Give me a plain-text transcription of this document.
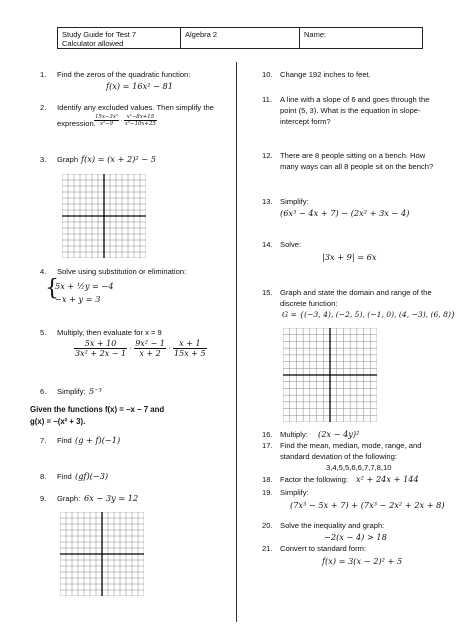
Study Guide for Test 7
Calculator allowed
Algebra 2	Name:
1. Find the zeros of the quadratic function:
f(x) = 16x² − 81
2. Identify any excluded values. Then simplify the
expression.
$\frac{\text{15x−3x²}}{\text{x²−9}} \cdot \frac{\text{x²−8x+15}}{\text{x²−10x+25}}$
3. Graph f(x) = (x + 2)² − 5
4. Solve using substitution or elimination:
{
5x + ½y = −4
−x + y = 3
5. Multiply, then evaluate for x = 9
$\frac{5x + 10}{\text{3x² + 2x − 1}} \cdot \frac{\text{9x² − 1}}{x + 2} \cdot \frac{x + 1}{15x + 5}$
6. Simplify: 5⁻³
Given the functions f(x) = −x − 7 and
g(x) = −(x² + 3).
7. Find (g + f)(−1)
8. Find (gf)(−3)
9. Graph: 6x − 3y = 12
10. Change 192 inches to feet.
11. A line with a slope of 6 and goes through the
point (5, 3). What is the equation in slope-
intercept form?
12. There are 8 people sitting on a bench. How
many ways can all 8 people sit on the bench?
13. Simplify:
(6x³ − 4x + 7) − (2x² + 3x − 4)
14. Solve:
|3x + 9| = 6x
15. Graph and state the domain and range of the
discrete function:
G = {(−3, 4), (−2, 5), (−1, 0), (4, −3), (6, 8)}
16. Multiply: (2x − 4y)²
17. Find the mean, median, mode, range, and
standard deviation of the following:
3,4,5,5,6,6,7,7,8,10
18. Factor the following: x² + 24x + 144
19. Simplify:
(7x³ − 5x + 7) + (7x³ − 2x² + 2x + 8)
20. Solve the inequality and graph:
−2(x − 4) > 18
21. Convert to standard form:
f(x) = 3(x − 2)² + 5
